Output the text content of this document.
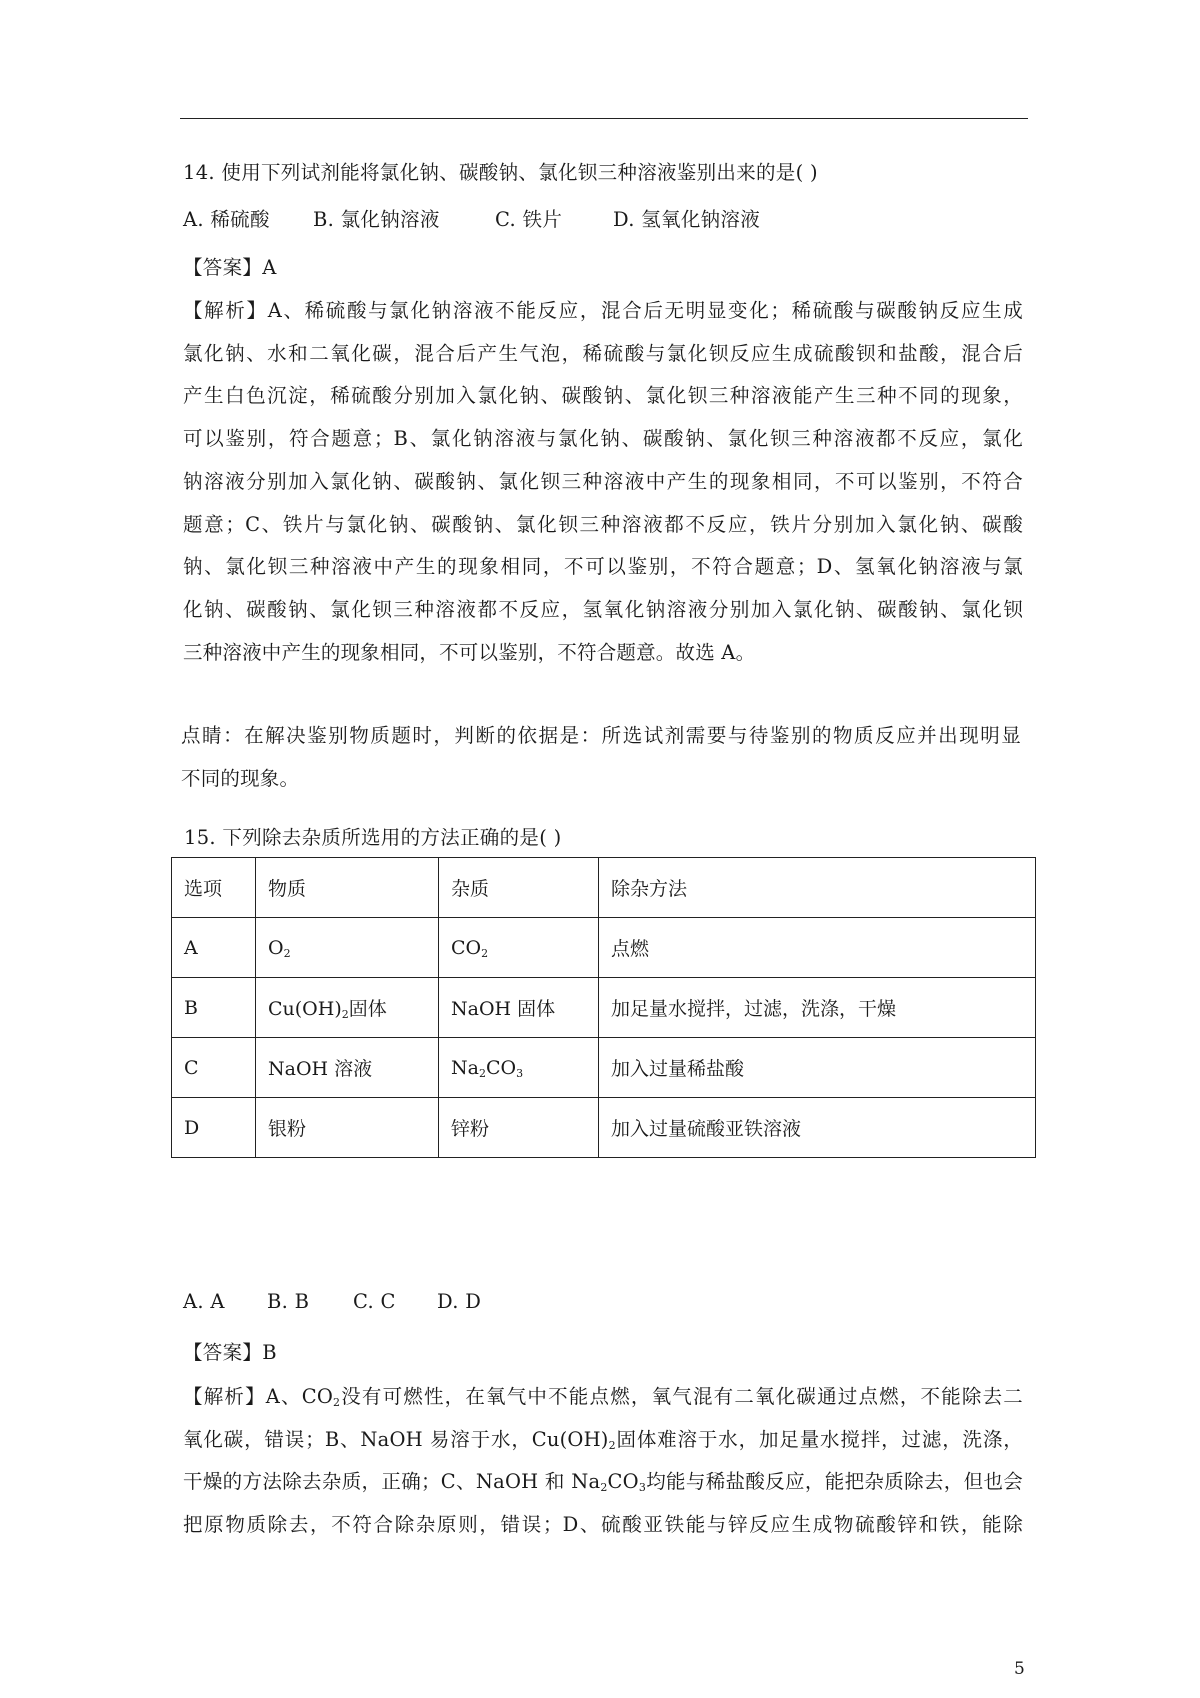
14. 使用下列试剂能将氯化钠、碳酸钠、氯化钡三种溶液鉴别出来的是( )
A. 稀硫酸 B. 氯化钠溶液	C. 铁片	D. 氢氧化钠溶液
【答案】A
【解析】A、稀硫酸与氯化钠溶液不能反应，混合后无明显变化；稀硫酸与碳酸钠反应生成
氯化钠、水和二氧化碳，混合后产生气泡，稀硫酸与氯化钡反应生成硫酸钡和盐酸，混合后
产生白色沉淀，稀硫酸分别加入氯化钠、碳酸钠、氯化钡三种溶液能产生三种不同的现象，
可以鉴别，符合题意；B、氯化钠溶液与氯化钠、碳酸钠、氯化钡三种溶液都不反应，氯化
钠溶液分别加入氯化钠、碳酸钠、氯化钡三种溶液中产生的现象相同，不可以鉴别，不符合
题意；C、铁片与氯化钠、碳酸钠、氯化钡三种溶液都不反应，铁片分别加入氯化钠、碳酸
钠、氯化钡三种溶液中产生的现象相同，不可以鉴别，不符合题意；D、氢氧化钠溶液与氯
化钠、碳酸钠、氯化钡三种溶液都不反应，氢氧化钠溶液分别加入氯化钠、碳酸钠、氯化钡
三种溶液中产生的现象相同，不可以鉴别，不符合题意。故选 A。
点睛：在解决鉴别物质题时，判断的依据是：所选试剂需要与待鉴别的物质反应并出现明显
不同的现象。
15. 下列除去杂质所选用的方法正确的是( )
选项	物质	杂质	除杂方法
A	$O_2$	$CO_2$	点燃
B	$Cu(OH)_2$固体	NaOH 固体	加足量水搅拌，过滤，洗涤，干燥
C	NaOH 溶液	$Na_2CO_3$	加入过量稀盐酸
D	银粉	锌粉	加入过量硫酸亚铁溶液
A. A B. B C. C D. D
【答案】B
【解析】A、$CO_2$没有可燃性，在氧气中不能点燃，氧气混有二氧化碳通过点燃，不能除去二
氧化碳，错误；B、NaOH 易溶于水，$Cu(OH)_2$固体难溶于水，加足量水搅拌，过滤，洗涤，
干燥的方法除去杂质，正确；C、NaOH 和 $Na_2CO_3$均能与稀盐酸反应，能把杂质除去，但也会
把原物质除去，不符合除杂原则，错误；D、硫酸亚铁能与锌反应生成物硫酸锌和铁，能除
5
